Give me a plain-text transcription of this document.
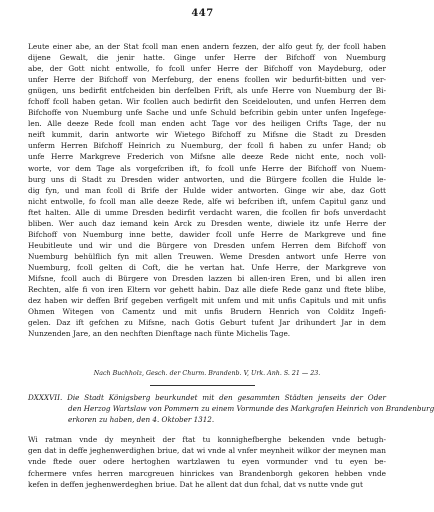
447
Leute einer abe, an der Stat fcoll man enen andern fezzen, der alfo geut fy, der fcoll haben
dijene Gewalt, die jenir hatte. Ginge unfer Herre der Bifchoff von Nuemburg
abe, der Gott nicht entwolle, fo fcoll unfer Herre der Bifchoff von Maydeburg, oder
unfer Herre der Bifchoff von Merfeburg, der enens fcollen wir bedurfit-bitten und ver-
gnügen, uns bedirfit entfcheiden bin derfelben Frift, als unfe Herre von Nuemburg der Bi-
fchoff fcoll haben getan. Wir fcollen auch bedirfit den Sceidelouten, und unfen Herren dem
Bifchoffe von Nuemburg unfe Sache und unfe Schuld befcribin gebin unter unfen Ingefege-
len. Alle deeze Rede fcoll man enden acht Tage vor des heiligen Crifts Tage, der nu
neift kummit, darin antworte wir Wietego Bifchoff zu Mifsne die Stadt zu Dresden
unferm Herren Bifchoff Heinrich zu Nuemburg, der fcoll fi haben zu unfer Hand; ob
unfe Herre Markgreve Frederich von Mifsne alle deeze Rede nicht ente, noch voll-
worte, vor dem Tage als vorgefcriben ift, fo fcoll unfe Herre der Bifchoff von Nuem-
burg uns di Stadt zu Dresden wider antworten, und die Bürgere fcollen die Hulde le-
dig fyn, und man fcoll di Brife der Hulde wider antworten. Ginge wir abe, daz Gott
nicht entwolle, fo fcoll man alle deeze Rede, alfe wi befcriben ift, unfem Capitul ganz und
ftet halten. Alle di umme Dresden bedirfit verdacht waren, die fcollen fir bofs unverdacht
bliben. Wer auch daz iemand kein Arck zu Dresden wente, diwiele itz unfe Herre der
Bifchoff von Nuemburg inne bette, dawider fcoll unfe Herre de Markgreve und fine
Heubitleute und wir und die Bürgere von Dresden unfem Herren dem Bifchoff von
Nuemburg behülflich fyn mit allen Treuwen. Weme Dresden antwort unfe Herre von
Nuemburg, fcoll gelten di Coft, die he vertan hat. Unfe Herre, der Markgreve von
Mifsne, fcoll auch di Bürgere von Dresden lazzen bi allen-iren Eren, und bi allen iren
Rechten, alfe fi von iren Eltern vor gehett habin. Daz alle diefe Rede ganz und ftete blibe,
dez haben wir deffen Brif gegeben verfigelt mit unfem und mit unfis Capituls und mit unfis
Ohmen Witegen von Camentz und mit unfis Brudern Henrich von Colditz Ingefi-
gelen. Daz ift gefchen zu Mifsne, nach Gotis Geburt tufent Jar drihundert Jar in dem
Nunzenden Jare, an den nechften Dienftage nach fünte Michelis Tage.
Nach Buchholz, Gesch. der Churm. Brandenb. V, Urk. Anh. S. 21 — 23.
DXXXVII. Die Stadt Königsberg beurkundet mit den gesammten Städten jenseits der Oder
den Herzog Wartslaw von Pommern zu einem Vormunde des Markgrafen Heinrich von Brandenburg
erkoren zu haben, den 4. Oktober 1312.
Wi ratman vnde dy meynheit der ftat tu konnighefberghe bekenden vnde betugh-
gen dat in deffe jeghenwerdighen briue, dat wi vnde al vnfer meynheit wilkor der meynen man
vnde ftede ouer odere hertoghen wartzlawen tu eyen vormunder vnd tu eyen be-
fchermere vnfes herren marcgreuen hinrickes van Brandenborgh gekoren hebben vnde
kefen in deffen jeghenwerdeghen briue. Dat he allent dat dun fchal, dat vs nutte vnde gut
